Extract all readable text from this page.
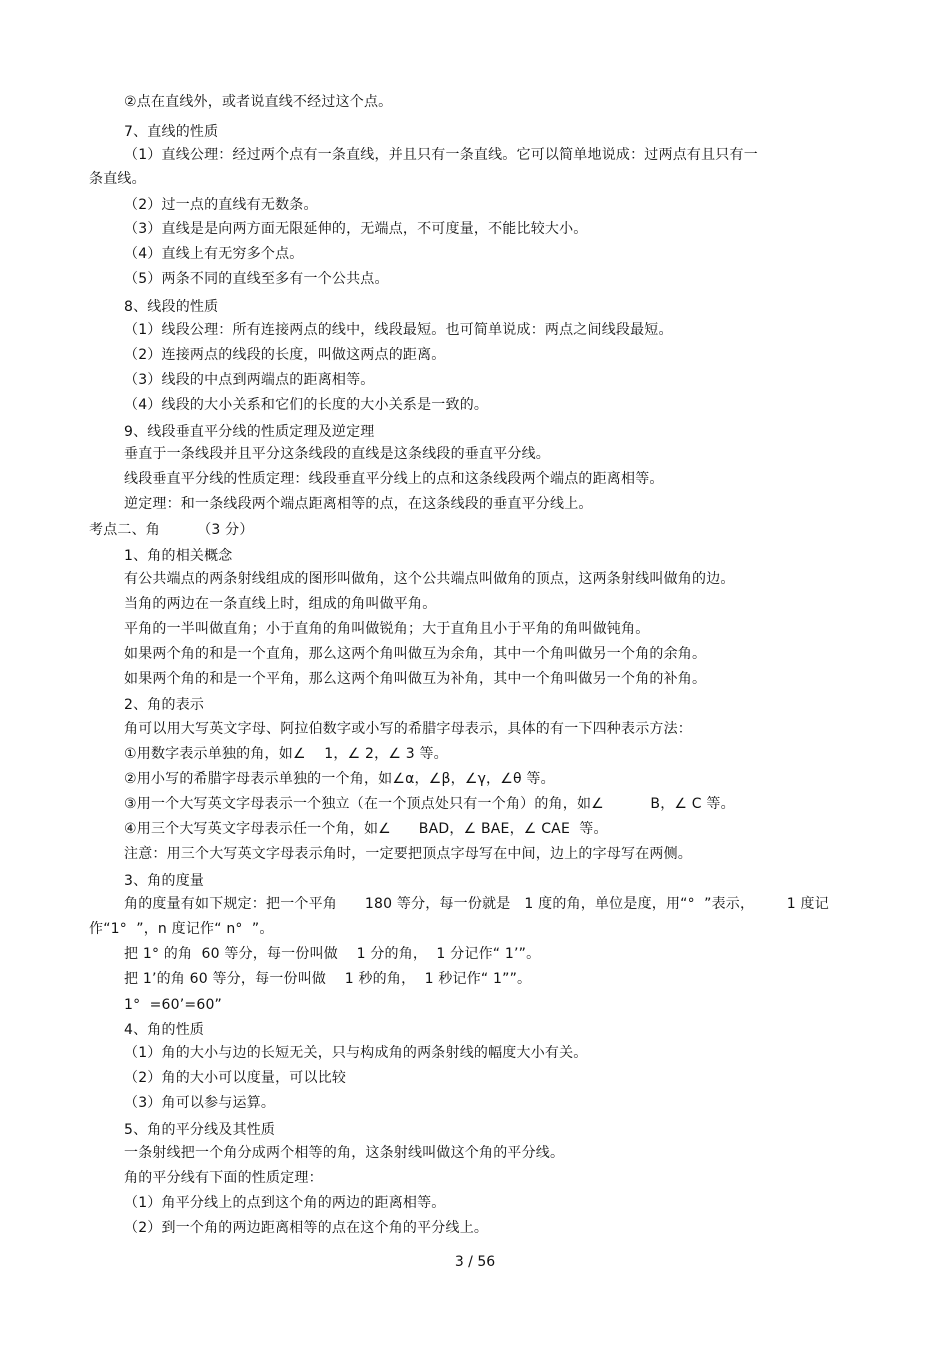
②点在直线外，或者说直线不经过这个点。
7、直线的性质
（1）直线公理：经过两个点有一条直线，并且只有一条直线。它可以简单地说成：过两点有且只有一
条直线。
（2）过一点的直线有无数条。
（3）直线是是向两方面无限延伸的，无端点，不可度量，不能比较大小。
（4）直线上有无穷多个点。
（5）两条不同的直线至多有一个公共点。
8、线段的性质
（1）线段公理：所有连接两点的线中，线段最短。也可简单说成：两点之间线段最短。
（2）连接两点的线段的长度，叫做这两点的距离。
（3）线段的中点到两端点的距离相等。
（4）线段的大小关系和它们的长度的大小关系是一致的。
9、线段垂直平分线的性质定理及逆定理
垂直于一条线段并且平分这条线段的直线是这条线段的垂直平分线。
线段垂直平分线的性质定理：线段垂直平分线上的点和这条线段两个端点的距离相等。
逆定理：和一条线段两个端点距离相等的点，在这条线段的垂直平分线上。
考点二、角        （3 分）
1、角的相关概念
有公共端点的两条射线组成的图形叫做角，这个公共端点叫做角的顶点，这两条射线叫做角的边。
当角的两边在一条直线上时，组成的角叫做平角。
平角的一半叫做直角；小于直角的角叫做锐角；大于直角且小于平角的角叫做钝角。
如果两个角的和是一个直角，那么这两个角叫做互为余角，其中一个角叫做另一个角的余角。
如果两个角的和是一个平角，那么这两个角叫做互为补角，其中一个角叫做另一个角的补角。
2、角的表示
角可以用大写英文字母、阿拉伯数字或小写的希腊字母表示，具体的有一下四种表示方法：
①用数字表示单独的角，如∠    1，∠ 2，∠ 3 等。
②用小写的希腊字母表示单独的一个角，如∠α，∠β，∠γ，∠θ 等。
③用一个大写英文字母表示一个独立（在一个顶点处只有一个角）的角，如∠          B，∠ C 等。
④用三个大写英文字母表示任一个角，如∠      BAD，∠ BAE，∠ CAE  等。
注意：用三个大写英文字母表示角时，一定要把顶点字母写在中间，边上的字母写在两侧。
3、角的度量
角的度量有如下规定：把一个平角      180 等分，每一份就是   1 度的角，单位是度，用“°  ”表示，       1 度记
作“1°  ”，n 度记作“ n°  ”。
把 1° 的角  60 等分，每一份叫做    1 分的角，  1 分记作“ 1’”。
把 1’的角 60 等分，每一份叫做    1 秒的角，  1 秒记作“ 1””。
1°  =60’=60”
4、角的性质
（1）角的大小与边的长短无关，只与构成角的两条射线的幅度大小有关。
（2）角的大小可以度量，可以比较
（3）角可以参与运算。
5、角的平分线及其性质
一条射线把一个角分成两个相等的角，这条射线叫做这个角的平分线。
角的平分线有下面的性质定理：
（1）角平分线上的点到这个角的两边的距离相等。
（2）到一个角的两边距离相等的点在这个角的平分线上。
3 / 56
